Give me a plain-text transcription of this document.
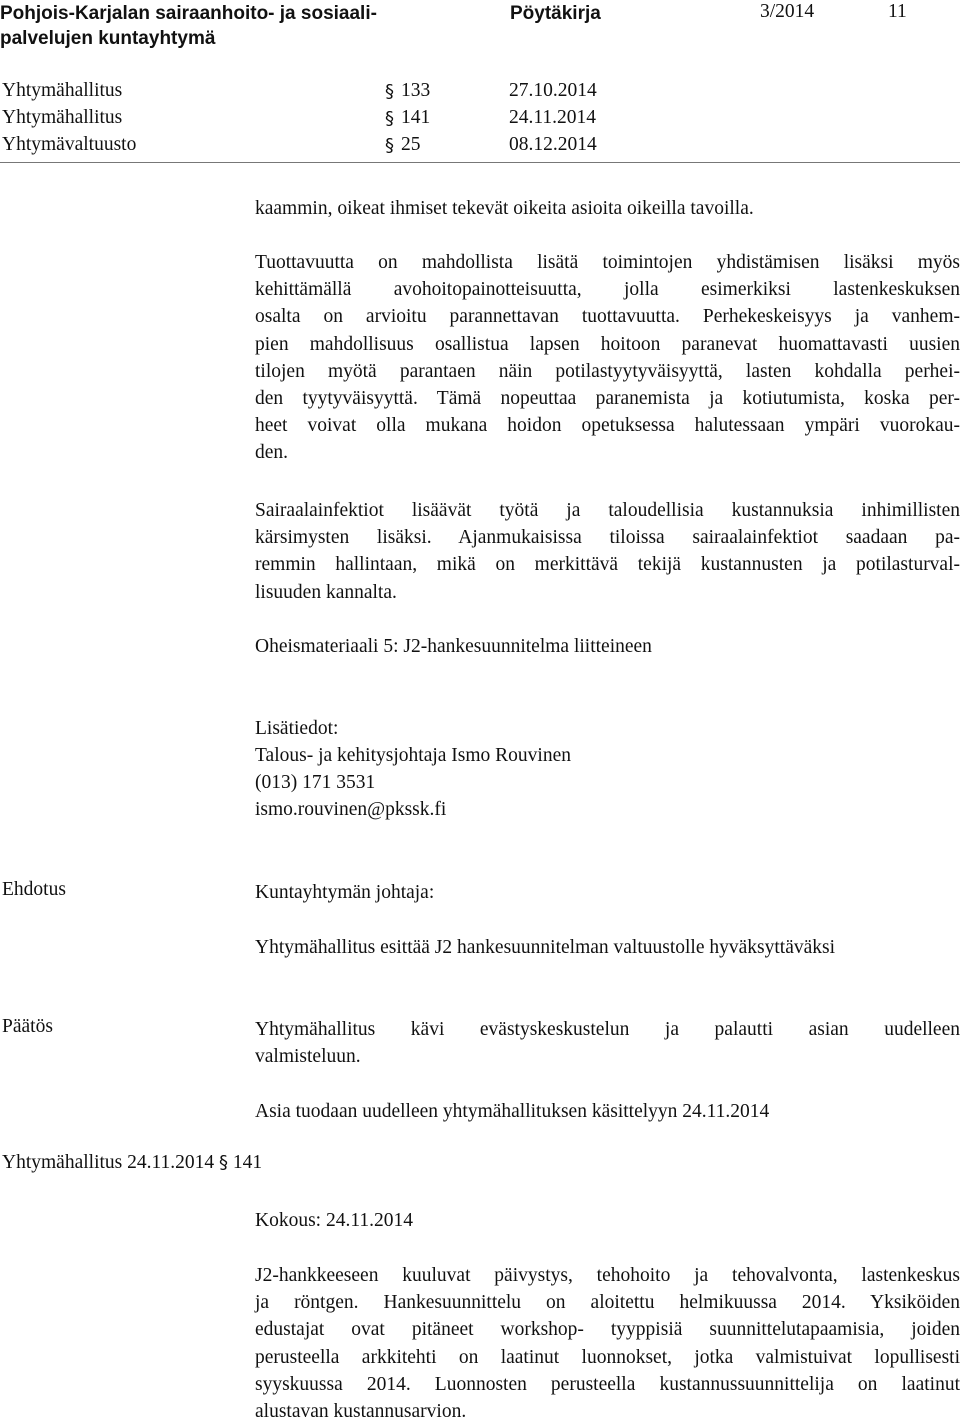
Pohjois-Karjalan sairaanhoito- ja sosiaali-
palvelujen kuntayhtymä
Pöytäkirja	3/2014	11
Yhtymähallitus	§ 133	27.10.2014
Yhtymähallitus	§ 141	24.11.2014
Yhtymävaltuusto	§ 25	08.12.2014
kaammin, oikeat ihmiset tekevät oikeita asioita oikeilla tavoilla.
Tuottavuutta on mahdollista lisätä toimintojen yhdistämisen lisäksi myös
kehittämällä avohoitopainotteisuutta, jolla esimerkiksi lastenkeskuksen
osalta on arvioitu parannettavan tuottavuutta. Perhekeskeisyys ja vanhem-
pien mahdollisuus osallistua lapsen hoitoon paranevat huomattavasti uusien
tilojen myötä parantaen näin potilastyytyväisyyttä, lasten kohdalla perhei-
den tyytyväisyyttä. Tämä nopeuttaa paranemista ja kotiutumista, koska per-
heet voivat olla mukana hoidon opetuksessa halutessaan ympäri vuorokau-
den.
Sairaalainfektiot lisäävät työtä ja taloudellisia kustannuksia inhimillisten
kärsimysten lisäksi. Ajanmukaisissa tiloissa sairaalainfektiot saadaan pa-
remmin hallintaan, mikä on merkittävä tekijä kustannusten ja potilasturval-
lisuuden kannalta.
Oheismateriaali 5: J2-hankesuunnitelma liitteineen
Lisätiedot:
Talous- ja kehitysjohtaja Ismo Rouvinen
(013) 171 3531
ismo.rouvinen@pkssk.fi
Ehdotus	Kuntayhtymän johtaja:
Yhtymähallitus esittää J2 hankesuunnitelman valtuustolle hyväksyttäväksi
Päätös	Yhtymähallitus kävi evästyskeskustelun ja palautti asian uudelleen
valmisteluun.
Asia tuodaan uudelleen yhtymähallituksen käsittelyyn 24.11.2014
Yhtymähallitus 24.11.2014 § 141
Kokous: 24.11.2014
J2-hankkeeseen kuuluvat päivystys, tehohoito ja tehovalvonta, lastenkeskus
ja röntgen. Hankesuunnittelu on aloitettu helmikuussa 2014. Yksiköiden
edustajat ovat pitäneet workshop- tyyppisiä suunnittelutapaamisia, joiden
perusteella arkkitehti on laatinut luonnokset, jotka valmistuivat lopullisesti
syyskuussa 2014. Luonnosten perusteella kustannussuunnittelija on laatinut
alustavan kustannusarvion.
